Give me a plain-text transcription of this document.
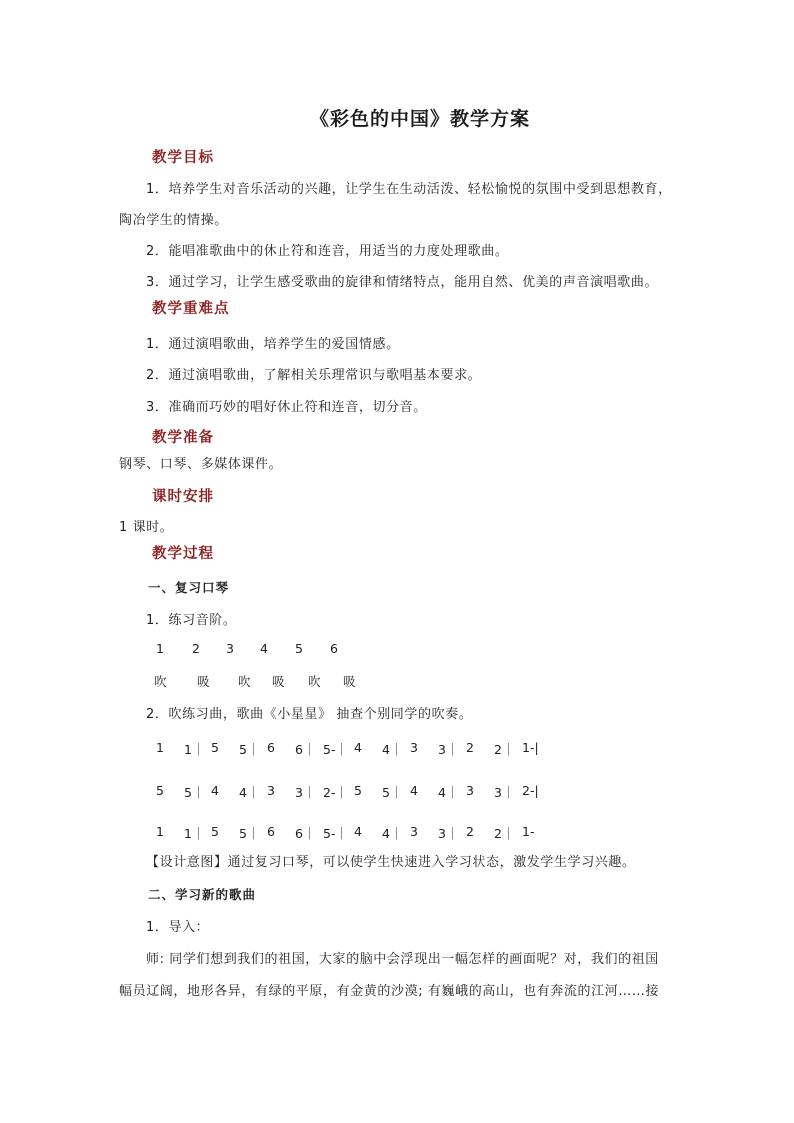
《彩色的中国》教学方案
教学目标
1．培养学生对音乐活动的兴趣，让学生在生动活泼、轻松愉悦的氛围中受到思想教育，
陶冶学生的情操。
2．能唱准歌曲中的休止符和连音，用适当的力度处理歌曲。
3．通过学习，让学生感受歌曲的旋律和情绪特点，能用自然、优美的声音演唱歌曲。
教学重难点
1．通过演唱歌曲，培养学生的爱国情感。
2．通过演唱歌曲，了解相关乐理常识与歌唱基本要求。
3．准确而巧妙的唱好休止符和连音，切分音。
教学准备
钢琴、口琴、多媒体课件。
课时安排
1 课时。
教学过程
一、复习口琴
1．练习音阶。
1 2 3 4 5 6
吹 吸 吹 吸 吹 吸
2．吹练习曲，歌曲《小星星》 抽查个别同学的吹奏。
1 1｜ 5 5｜ 6 6｜ 5-｜ 4 4｜ 3 3｜ 2 2｜ 1-|
5 5｜ 4 4｜ 3 3｜ 2-｜ 5 5｜ 4 4｜ 3 3｜ 2-|
1 1｜ 5 5｜ 6 6｜ 5-｜ 4 4｜ 3 3｜ 2 2｜ 1-
【设计意图】通过复习口琴，可以使学生快速进入学习状态，激发学生学习兴趣。
二、学习新的歌曲
1．导入：
师: 同学们想到我们的祖国，大家的脑中会浮现出一幅怎样的画面呢？对，我们的祖国
幅员辽阔，地形各异，有绿的平原，有金黄的沙漠; 有巍峨的高山，也有奔流的江河……接
